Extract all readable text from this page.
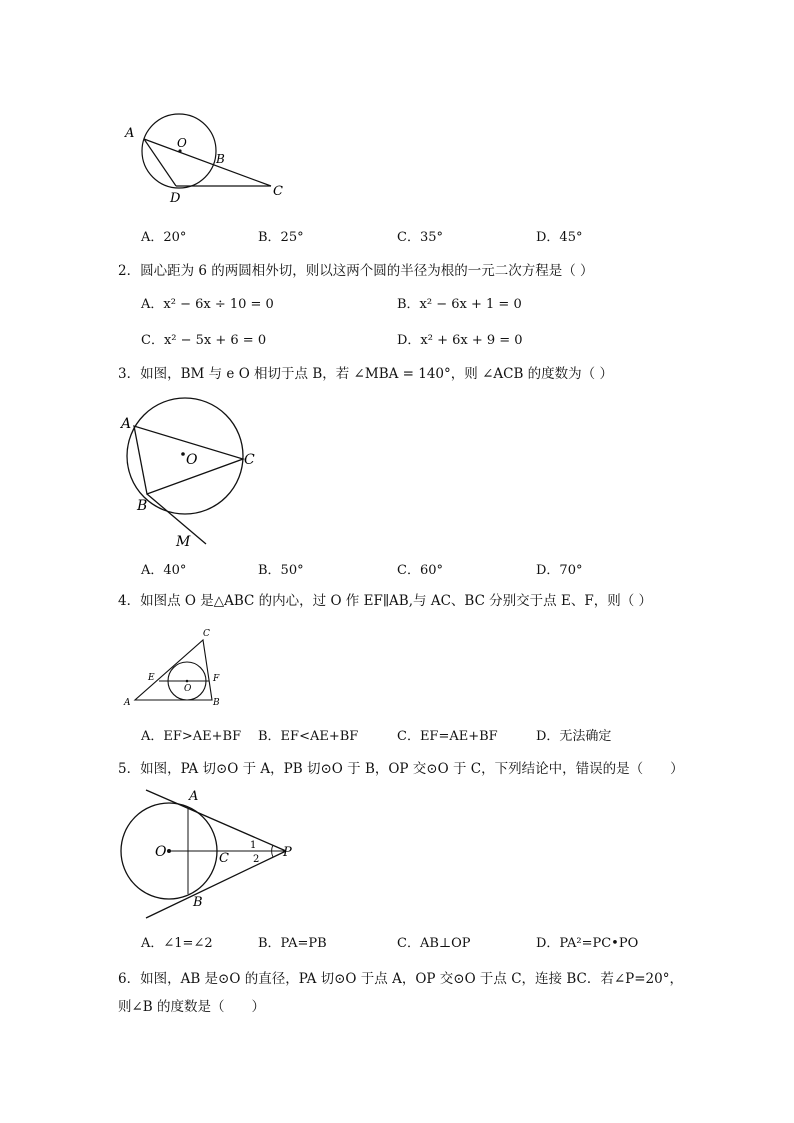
A
O
B
D	C
A
O	C
B
M
C
E	F
O
A	B
A
O	C	P
B
1
2
A．20°	B．25°	C．35°	D．45°
2．圆心距为 6 的两圆相外切，则以这两个圆的半径为根的一元二次方程是（ ）
A．x² − 6x ÷ 10 = 0	B．x² − 6x + 1 = 0
C．x² − 5x + 6 = 0	D．x² + 6x + 9 = 0
3．如图，BM 与 e O 相切于点 B，若 ∠MBA = 140°，则 ∠ACB 的度数为（ ）
A．40°	B．50°	C．60°	D．70°
4．如图点 O 是△ABC 的内心，过 O 作 EF∥AB,与 AC、BC 分别交于点 E、F，则（ ）
A．EF>AE+BF B．EF<AE+BF	C．EF=AE+BF	D．无法确定
5．如图，PA 切⊙O 于 A，PB 切⊙O 于 B，OP 交⊙O 于 C，下列结论中，错误的是（　　）
A．∠1=∠2	B．PA=PB	C．AB⊥OP	D．PA²=PC•PO
6．如图，AB 是⊙O 的直径，PA 切⊙O 于点 A，OP 交⊙O 于点 C，连接 BC．若∠P=20°，
则∠B 的度数是（　　）
